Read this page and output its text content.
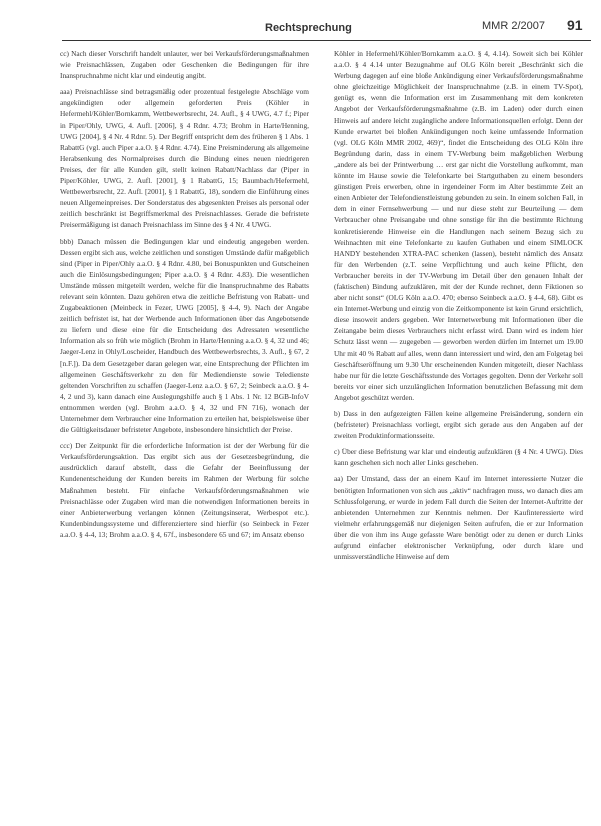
Rechtsprechung	MMR 2/2007 91

cc) Nach dieser Vorschrift handelt unlauter, wer bei Verkaufsförderungsmaßnahmen wie Preisnachlässen, Zugaben oder Geschenken die Bedingungen für ihre Inanspruchnahme nicht klar und eindeutig angibt.

aaa) Preisnachlässe sind betragsmäßig oder prozentual festgelegte Abschläge vom angekündigten oder allgemein geforderten Preis (Köhler in Hefermehl/Köhler/Bornkamm, Wettbewerbsrecht, 24. Aufl., § 4 UWG, 4.7 f.; Piper in Piper/Ohly, UWG, 4. Aufl. [2006], § 4 Rdnr. 4.73; Brohm in Harte/Henning, UWG [2004], § 4 Nr. 4 Rdnr. 5). Der Begriff entspricht dem des früheren § 1 Abs. 1 RabattG (vgl. auch Piper a.a.O. § 4 Rdnr. 4.74). Eine Preisminderung als allgemeine Herabsenkung des Normalpreises durch die Bindung eines neuen niedrigeren Preises, der für alle Kunden gilt, stellt keinen Rabatt/Nachlass dar (Piper in Piper/Köhler, UWG, 2. Aufl. [2001], § 1 RabattG, 15; Baumbach/Hefermehl, Wettbewerbsrecht, 22. Aufl. [2001], § 1 RabattG, 18), sondern die Einführung eines neuen Allgemeinpreises. Der Sonderstatus des abgesenkten Preises als personal oder zeitlich beschränkt ist Begriffsmerkmal des Preisnachlasses. Gerade die befristete Preisermäßigung ist danach Preisnachlass im Sinne des § 4 Nr. 4 UWG.

bbb) Danach müssen die Bedingungen klar und eindeutig angegeben werden. Dessen ergibt sich aus, welche zeitlichen und sonstigen Umstände dafür maßgeblich sind (Piper in Piper/Ohly a.a.O. § 4 Rdnr. 4.80, bei Bonuspunkten und Gutscheinen auch die Einlösungsbedingungen; Piper a.a.O. § 4 Rdnr. 4.83). Die wesentlichen Umstände müssen mitgeteilt werden, welche für die Inanspruchnahme des Rabatts relevant sein könnten. Dazu gehören etwa die zeitliche Befristung von Rabatt- und Zugabeaktionen (Meinbeck in Fezer, UWG [2005], § 4-4, 9). Nach der Angabe zeitlich befristet ist, hat der Werbende auch Informationen über das Angebotsende zu liefern und diese eine für die Entscheidung des Adressaten wesentliche Information als so früh wie möglich (Brohm in Harte/Henning a.a.O. § 4, 32 und 46; Jaeger-Lenz in Ohly/Loscheider, Handbuch des Wettbewerbsrechts, 3. Aufl., § 67, 2 [n.F.]). Da dem Gesetzgeber daran gelegen war, eine Entsprechung der Pflichten im allgemeinen Geschäftsverkehr zu den für Mediendienste sowie Teledienste geltenden Vorschriften zu schaffen (Jaeger-Lenz a.a.O. § 67, 2; Seinbeck a.a.O. § 4-4, 2 und 3), kann danach eine Auslegungshilfe auch § 1 Abs. 1 Nr. 12 BGB-InfoV entnommen werden (vgl. Brohm a.a.O. § 4, 32 und FN 716), wonach der Unternehmer dem Verbraucher eine Information zu erteilen hat, beispielsweise über die Gültigkeitsdauer befristeter Angebote, insbesondere hinsichtlich der Preise.

ccc) Der Zeitpunkt für die erforderliche Information ist der der Werbung für die Verkaufsförderungsaktion. Das ergibt sich aus der Gesetzesbegründung, die ausdrücklich darauf abstellt, dass die Gefahr der Beeinflussung der Kundenentscheidung der Kunden bereits im Rahmen der Werbung für solche Maßnahmen besteht. Für einfache Verkaufsförderungsmaßnahmen wie Preisnachlässe oder Zugaben wird man die notwendigen Informationen bereits in einer Anbieterwerbung verlangen können (Zeitungsinserat, Werbespot etc.). Kundenbindungssysteme und differenziertere sind hierfür (so Seinbeck in Fezer a.a.O. § 4-4, 13; Brohm a.a.O. § 4, 67f., insbesondere 65 und 67; im Ansatz ebenso

Köhler in Hefermehl/Köhler/Bornkamm a.a.O. § 4, 4.14). Soweit sich bei Köhler a.a.O. § 4 4.14 unter Bezugnahme auf OLG Köln bereit „Beschränkt sich die Werbung dagegen auf eine bloße Ankündigung einer Verkaufsförderungsmaßnahme ohne gleichzeitige Möglichkeit der Inanspruchnahme (z.B. in einem TV-Spot), genügt es, wenn die Information erst im Zusammenhang mit dem konkreten Angebot der Verkaufsförderungsmaßnahme (z.B. im Laden) oder durch einen Hinweis auf andere leicht zugängliche andere Informationsquellen erfolgt. Denn der Kunde erwartet bei bloßen Ankündigungen noch keine umfassende Information (vgl. OLG Köln MMR 2002, 469)“, findet die Entscheidung des OLG Köln ihre Begründung darin, dass in einem TV-Werbung beim maßgeblichen Werbung „andere als bei der Printwerbung … erst gar nicht die Vorstellung aufkommt, man könnte im Hause sowie die Telefonkarte bei Startguthaben zu einem besonders günstigen Preis erwerben, ohne in irgendeiner Form im Alter bestimmte Zeit an einen Anbieter der Telefondienstleistung gebunden zu sein. In einem solchen Fall, in dem in einer Fernsehwerbung — und nur diese steht zur Beurteilung — dem Verbraucher ohne Preisangabe und ohne sonstige für ihn die bestimmte Richtung konkretisierende Hinweise ein die Handlungen nach seinem Bezug sich zu Weihnachten mit eine Telefonkarte zu kaufen Guthaben und einem SIMLOCK HANDY bestehenden XTRA-PAC schenken (lassen), besteht nämlich des Ansatz für den Werbenden (z.T. seine Verpflichtung und auch keine Pflicht, den Verbraucher bereits in der TV-Werbung im Detail über den genauen Inhalt der (faktischen) Bindung aufzuklären, mit der der Kunde rechnet, denn Fiktionen so aber nicht sonst“ (OLG Köln a.a.O. 470; ebenso Seinbeck a.a.O. § 4-4, 68). Gibt es ein Internet-Werbung und einzig von die Zeitkomponente ist kein Grund ersichtlich, diese insoweit anders gegeben. Wer Internetwerbung mit Informationen über die Zeitangabe beim dieses Verbrauchers nicht erfasst wird. Dann wird es indem hier Schutz lässt wenn — zugegeben — geworben werden dürfen im Internet um 19.00 Uhr mit 40 % Rabatt auf alles, wenn dann interessiert und wird, den am Folgetag bei Geschäftseröffnung um 9.30 Uhr erscheinenden Kunden mitgeteilt, dieser Nachlass habe nur für die letzte Geschäftsstunde des Vortages gegolten. Denn der Verkehr soll bereits vor einer sich unzulänglichen Information benutzlichen Befassung mit dem Angebot geschützt werden.

b) Dass in den aufgezeigten Fällen keine allgemeine Preisänderung, sondern ein (befristeter) Preisnachlass vorliegt, ergibt sich gerade aus den Angaben auf der zweiten Produktinformationsseite.

c) Über diese Befristung war klar und eindeutig aufzuklären (§ 4 Nr. 4 UWG). Dies kann geschehen sich noch aller Links geschehen.

aa) Der Umstand, dass der an einem Kauf im Internet interessierte Nutzer die benötigten Informationen von sich aus „aktiv“ nachfragen muss, wo danach dies am Schlussfolgerung, er wurde in jedem Fall durch die Seiten der Internet-Auftritte der anbietenden Unternehmen zur Kenntnis nehmen. Der Kaufinteressierte wird vielmehr erfahrungsgemäß nur diejenigen Seiten aufrufen, die er zur Information über die von ihm ins Auge gefasste Ware benötigt oder zu denen er durch Links aufgrund einfacher elektronischer Verknüpfung, oder durch klare und unmissverständliche Hinweise auf dem
